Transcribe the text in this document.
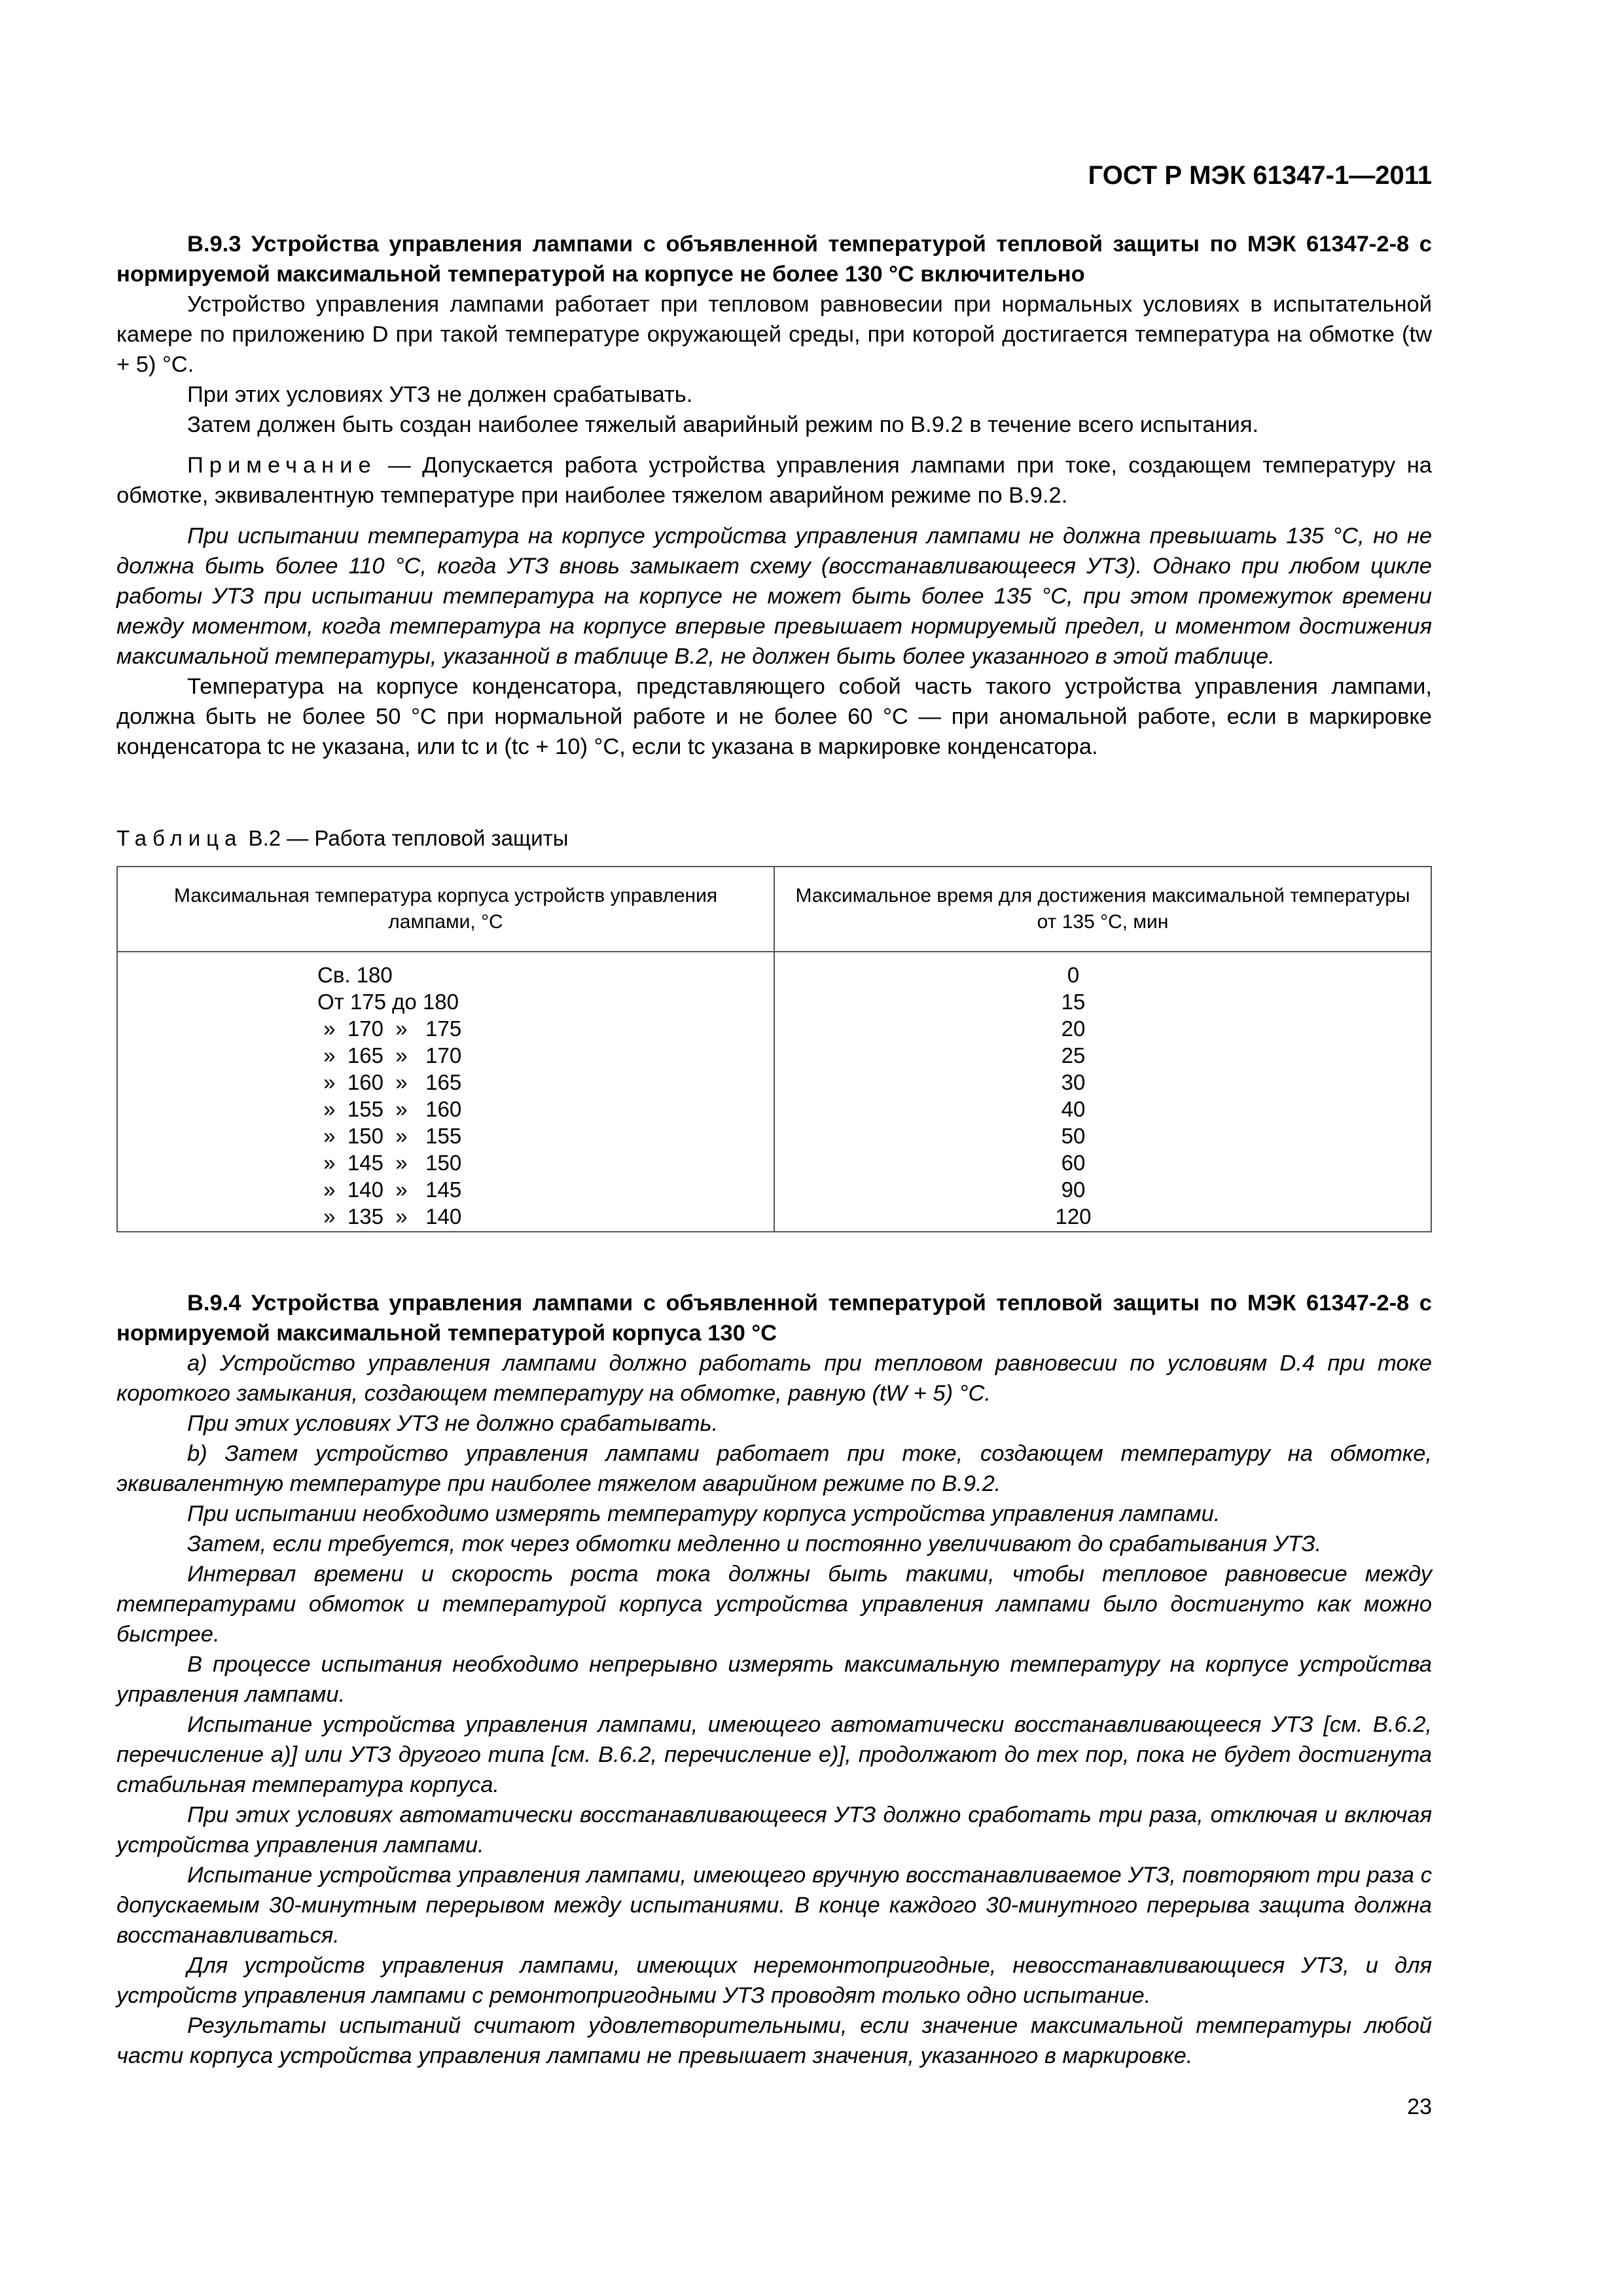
ГОСТ Р МЭК 61347-1—2011

В.9.3 Устройства управления лампами с объявленной температурой тепловой защиты по МЭК 61347-2-8 с нормируемой максимальной температурой на корпусе не более 130 °С включительно

Устройство управления лампами работает при тепловом равновесии при нормальных условиях в испытательной камере по приложению D при такой температуре окружающей среды, при которой достигается температура на обмотке (tw + 5) °С.

При этих условиях УТЗ не должен срабатывать.

Затем должен быть создан наиболее тяжелый аварийный режим по В.9.2 в течение всего испытания.

Примечание — Допускается работа устройства управления лампами при токе, создающем температуру на обмотке, эквивалентную температуре при наиболее тяжелом аварийном режиме по В.9.2.

При испытании температура на корпусе устройства управления лампами не должна превышать 135 °С, но не должна быть более 110 °С, когда УТЗ вновь замыкает схему (восстанавливающееся УТЗ). Однако при любом цикле работы УТЗ при испытании температура на корпусе не может быть более 135 °С, при этом промежуток времени между моментом, когда температура на корпусе впервые превышает нормируемый предел, и моментом достижения максимальной температуры, указанной в таблице В.2, не должен быть более указанного в этой таблице.

Температура на корпусе конденсатора, представляющего собой часть такого устройства управления лампами, должна быть не более 50 °С при нормальной работе и не более 60 °С — при аномальной работе, если в маркировке конденсатора tc не указана, или tc и (tc + 10) °С, если tc указана в маркировке конденсатора.

Таблица В.2 — Работа тепловой защиты
Максимальная температура корпуса устройств управления лампами, °С	Максимальное время для достижения максимальной температуры от 135 °С, мин
Св. 180	0
От 175 до 180	15
»  170  »   175	20
»  165  »   170	25
»  160  »   165	30
»  155  »   160	40
»  150  »   155	50
»  145  »   150	60
»  140  »   145	90
»  135  »   140	120

В.9.4 Устройства управления лампами с объявленной температурой тепловой защиты по МЭК 61347-2-8 с нормируемой максимальной температурой корпуса 130 °С

а) Устройство управления лампами должно работать при тепловом равновесии по условиям D.4 при токе короткого замыкания, создающем температуру на обмотке, равную (tW + 5) °С.

При этих условиях УТЗ не должно срабатывать.

b) Затем устройство управления лампами работает при токе, создающем температуру на обмотке, эквивалентную температуре при наиболее тяжелом аварийном режиме по В.9.2.

При испытании необходимо измерять температуру корпуса устройства управления лампами.

Затем, если требуется, ток через обмотки медленно и постоянно увеличивают до срабатывания УТЗ.

Интервал времени и скорость роста тока должны быть такими, чтобы тепловое равновесие между температурами обмоток и температурой корпуса устройства управления лампами было достигнуто как можно быстрее.

В процессе испытания необходимо непрерывно измерять максимальную температуру на корпусе устройства управления лампами.

Испытание устройства управления лампами, имеющего автоматически восстанавливающееся УТЗ [см. В.6.2, перечисление а)] или УТЗ другого типа [см. В.6.2, перечисление е)], продолжают до тех пор, пока не будет достигнута стабильная температура корпуса.

При этих условиях автоматически восстанавливающееся УТЗ должно сработать три раза, отключая и включая устройства управления лампами.

Испытание устройства управления лампами, имеющего вручную восстанавливаемое УТЗ, повторяют три раза с допускаемым 30-минутным перерывом между испытаниями. В конце каждого 30-минутного перерыва защита должна восстанавливаться.

Для устройств управления лампами, имеющих неремонтопригодные, невосстанавливающиеся УТЗ, и для устройств управления лампами с ремонтопригодными УТЗ проводят только одно испытание.

Результаты испытаний считают удовлетворительными, если значение максимальной температуры любой части корпуса устройства управления лампами не превышает значения, указанного в маркировке.

23
